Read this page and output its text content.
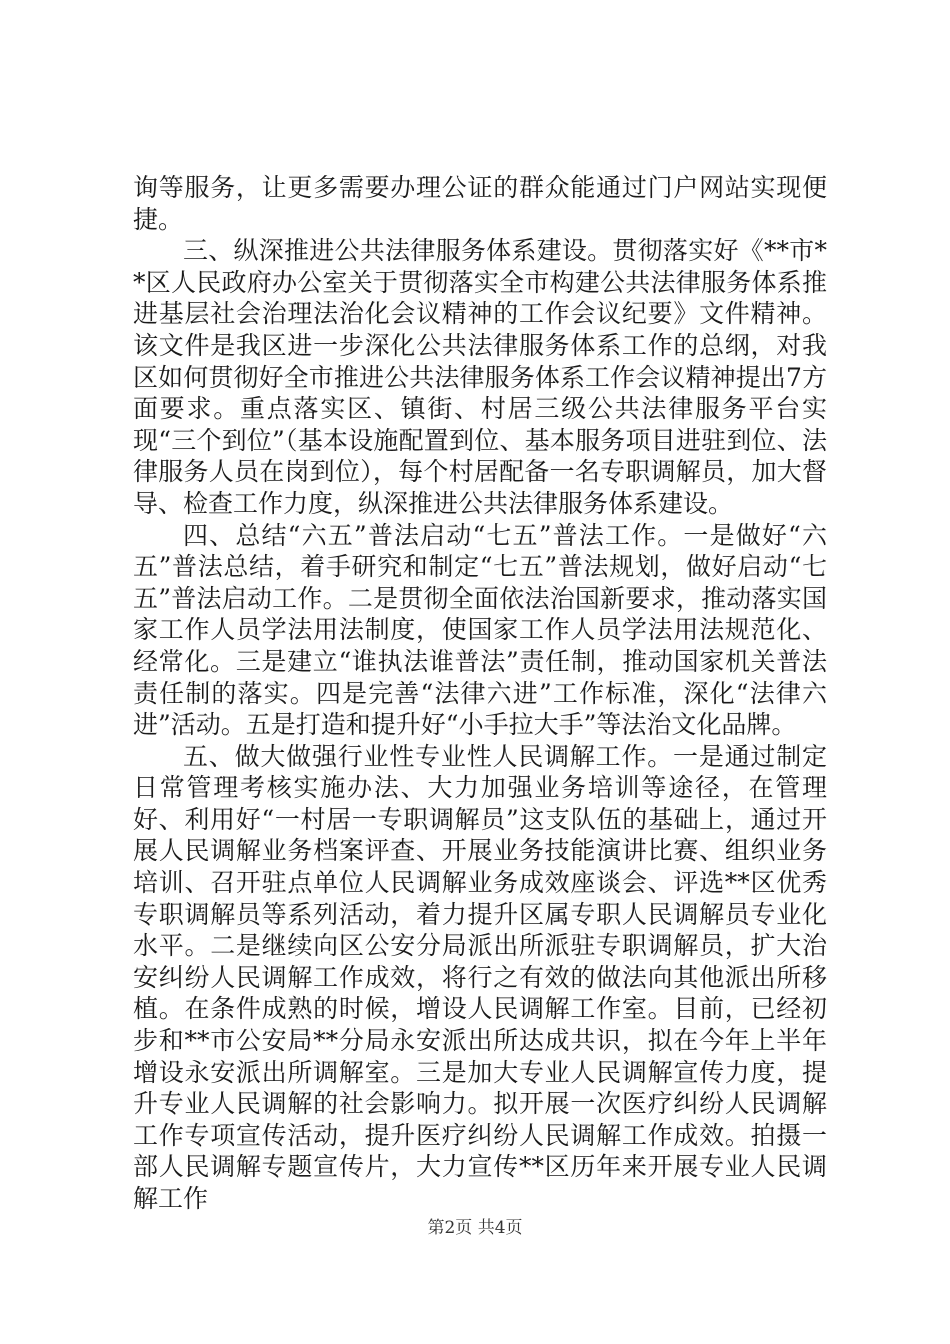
询等服务，让更多需要办理公证的群众能通过门户网站实现便捷。

三、纵深推进公共法律服务体系建设。贯彻落实好《**市**区人民政府办公室关于贯彻落实全市构建公共法律服务体系推进基层社会治理法治化会议精神的工作会议纪要》文件精神。该文件是我区进一步深化公共法律服务体系工作的总纲，对我区如何贯彻好全市推进公共法律服务体系工作会议精神提出7方面要求。重点落实区、镇街、村居三级公共法律服务平台实现“三个到位”（基本设施配置到位、基本服务项目进驻到位、法律服务人员在岗到位），每个村居配备一名专职调解员，加大督导、检查工作力度，纵深推进公共法律服务体系建设。

四、总结“六五”普法启动“七五”普法工作。一是做好“六五”普法总结，着手研究和制定“七五”普法规划，做好启动“七五”普法启动工作。二是贯彻全面依法治国新要求，推动落实国家工作人员学法用法制度，使国家工作人员学法用法规范化、经常化。三是建立“谁执法谁普法”责任制，推动国家机关普法责任制的落实。四是完善“法律六进”工作标准，深化“法律六进”活动。五是打造和提升好“小手拉大手”等法治文化品牌。

五、做大做强行业性专业性人民调解工作。一是通过制定日常管理考核实施办法、大力加强业务培训等途径，在管理好、利用好“一村居一专职调解员”这支队伍的基础上，通过开展人民调解业务档案评查、开展业务技能演讲比赛、组织业务培训、召开驻点单位人民调解业务成效座谈会、评选**区优秀专职调解员等系列活动，着力提升区属专职人民调解员专业化水平。二是继续向区公安分局派出所派驻专职调解员，扩大治安纠纷人民调解工作成效，将行之有效的做法向其他派出所移植。在条件成熟的时候，增设人民调解工作室。目前，已经初步和**市公安局**分局永安派出所达成共识，拟在今年上半年增设永安派出所调解室。三是加大专业人民调解宣传力度，提升专业人民调解的社会影响力。拟开展一次医疗纠纷人民调解工作专项宣传活动，提升医疗纠纷人民调解工作成效。拍摄一部人民调解专题宣传片，大力宣传**区历年来开展专业人民调解工作

第2页 共4页
